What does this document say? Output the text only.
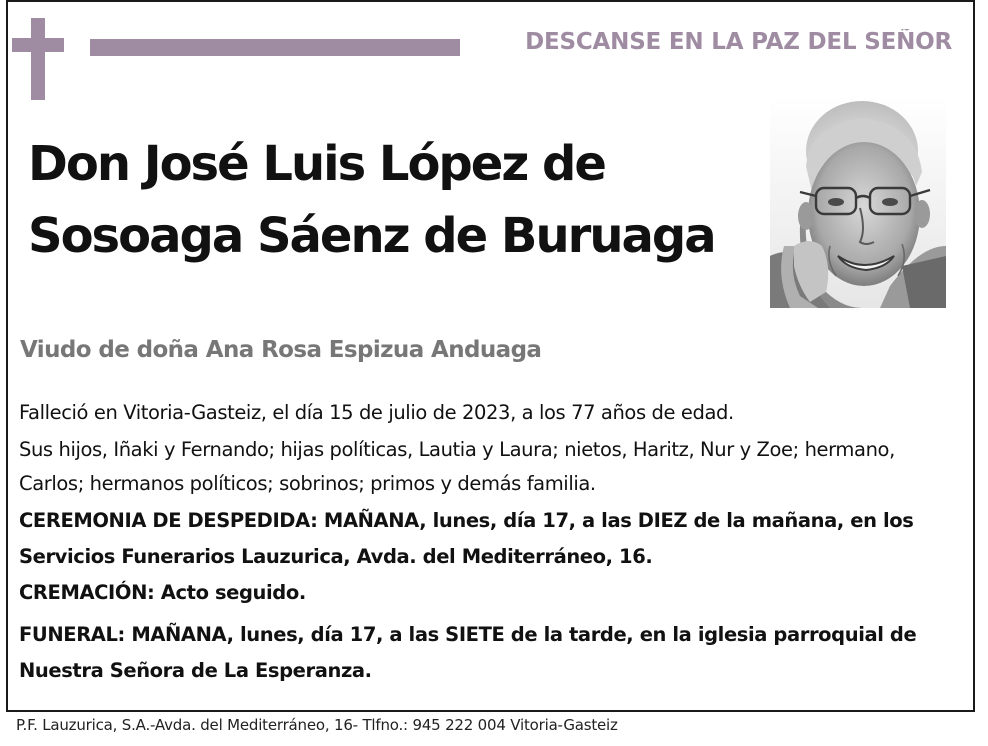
DESCANSE EN LA PAZ DEL SEÑOR
Don José Luis López de
Sosoaga Sáenz de Buruaga
Viudo de doña Ana Rosa Espizua Anduaga

Falleció en Vitoria-Gasteiz, el día 15 de julio de 2023, a los 77 años de edad.

Sus hijos, Iñaki y Fernando; hijas políticas, Lautia y Laura; nietos, Haritz, Nur y Zoe; hermano, Carlos; hermanos políticos; sobrinos; primos y demás familia.

CEREMONIA DE DESPEDIDA: MAÑANA, lunes, día 17, a las DIEZ de la mañana, en los Servicios Funerarios Lauzurica, Avda. del Mediterráneo, 16.
CREMACIÓN: Acto seguido.

FUNERAL: MAÑANA, lunes, día 17, a las SIETE de la tarde, en la iglesia parroquial de Nuestra Señora de La Esperanza.

P.F. Lauzurica, S.A.-Avda. del Mediterráneo, 16- Tlfno.: 945 222 004 Vitoria-Gasteiz
